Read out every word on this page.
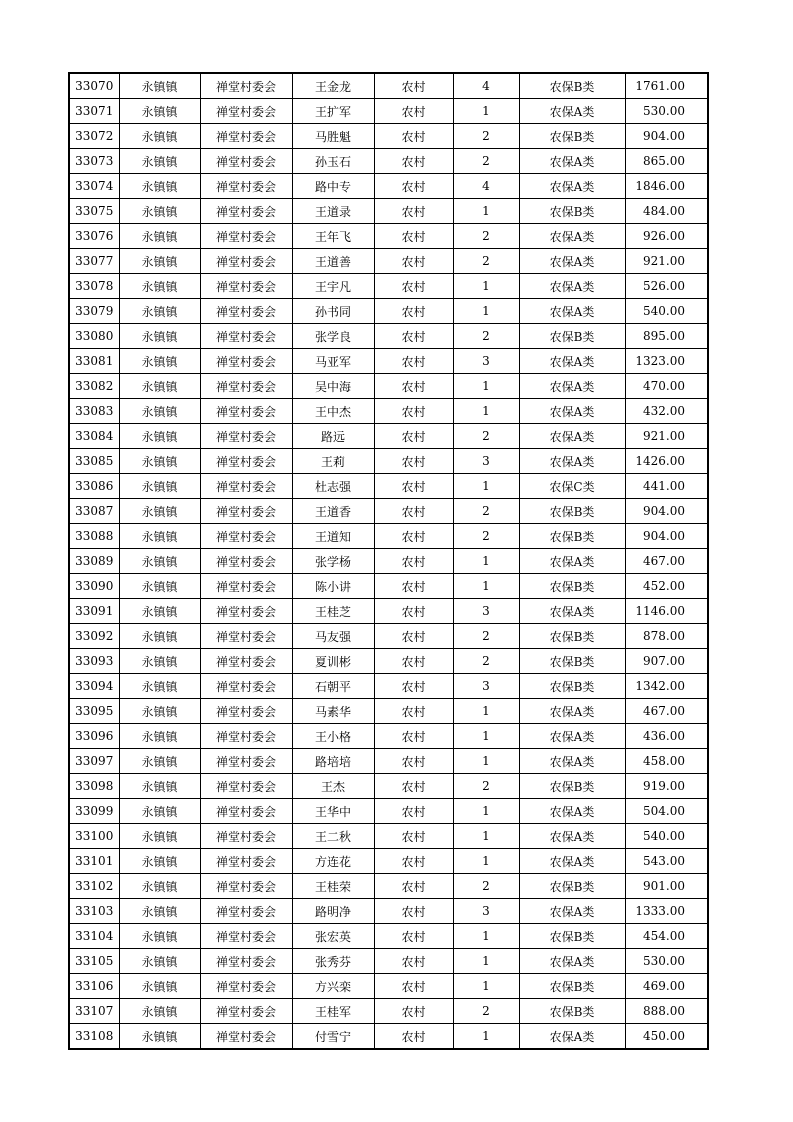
33070	永镇镇	禅堂村委会	王金龙	农村	4	农保B类	1761.00
33071	永镇镇	禅堂村委会	王扩军	农村	1	农保A类	530.00
33072	永镇镇	禅堂村委会	马胜魁	农村	2	农保B类	904.00
33073	永镇镇	禅堂村委会	孙玉石	农村	2	农保A类	865.00
33074	永镇镇	禅堂村委会	路中专	农村	4	农保A类	1846.00
33075	永镇镇	禅堂村委会	王道录	农村	1	农保B类	484.00
33076	永镇镇	禅堂村委会	王年飞	农村	2	农保A类	926.00
33077	永镇镇	禅堂村委会	王道善	农村	2	农保A类	921.00
33078	永镇镇	禅堂村委会	王宇凡	农村	1	农保A类	526.00
33079	永镇镇	禅堂村委会	孙书同	农村	1	农保A类	540.00
33080	永镇镇	禅堂村委会	张学良	农村	2	农保B类	895.00
33081	永镇镇	禅堂村委会	马亚军	农村	3	农保A类	1323.00
33082	永镇镇	禅堂村委会	吴中海	农村	1	农保A类	470.00
33083	永镇镇	禅堂村委会	王中杰	农村	1	农保A类	432.00
33084	永镇镇	禅堂村委会	路远	农村	2	农保A类	921.00
33085	永镇镇	禅堂村委会	王莉	农村	3	农保A类	1426.00
33086	永镇镇	禅堂村委会	杜志强	农村	1	农保C类	441.00
33087	永镇镇	禅堂村委会	王道香	农村	2	农保B类	904.00
33088	永镇镇	禅堂村委会	王道知	农村	2	农保B类	904.00
33089	永镇镇	禅堂村委会	张学杨	农村	1	农保A类	467.00
33090	永镇镇	禅堂村委会	陈小讲	农村	1	农保B类	452.00
33091	永镇镇	禅堂村委会	王桂芝	农村	3	农保A类	1146.00
33092	永镇镇	禅堂村委会	马友强	农村	2	农保B类	878.00
33093	永镇镇	禅堂村委会	夏训彬	农村	2	农保B类	907.00
33094	永镇镇	禅堂村委会	石朝平	农村	3	农保B类	1342.00
33095	永镇镇	禅堂村委会	马素华	农村	1	农保A类	467.00
33096	永镇镇	禅堂村委会	王小格	农村	1	农保A类	436.00
33097	永镇镇	禅堂村委会	路培培	农村	1	农保A类	458.00
33098	永镇镇	禅堂村委会	王杰	农村	2	农保B类	919.00
33099	永镇镇	禅堂村委会	王华中	农村	1	农保A类	504.00
33100	永镇镇	禅堂村委会	王二秋	农村	1	农保A类	540.00
33101	永镇镇	禅堂村委会	方连花	农村	1	农保A类	543.00
33102	永镇镇	禅堂村委会	王桂荣	农村	2	农保B类	901.00
33103	永镇镇	禅堂村委会	路明净	农村	3	农保A类	1333.00
33104	永镇镇	禅堂村委会	张宏英	农村	1	农保B类	454.00
33105	永镇镇	禅堂村委会	张秀芬	农村	1	农保A类	530.00
33106	永镇镇	禅堂村委会	方兴栾	农村	1	农保B类	469.00
33107	永镇镇	禅堂村委会	王桂军	农村	2	农保B类	888.00
33108	永镇镇	禅堂村委会	付雪宁	农村	1	农保A类	450.00
